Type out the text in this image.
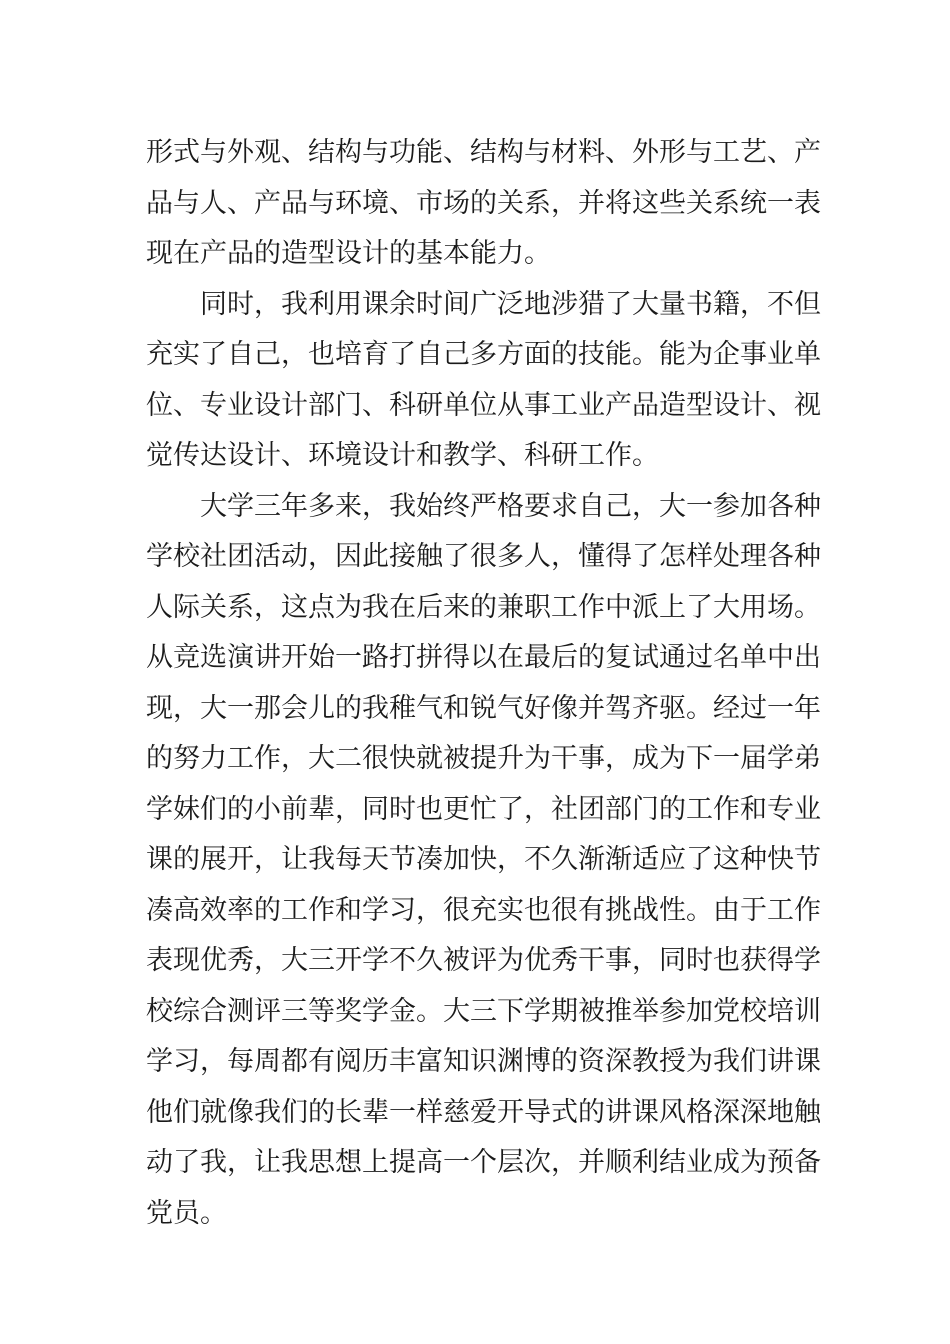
形式与外观、结构与功能、结构与材料、外形与工艺、产
品与人、产品与环境、市场的关系，并将这些关系统一表
现在产品的造型设计的基本能力。
同时，我利用课余时间广泛地涉猎了大量书籍，不但
充实了自己，也培育了自己多方面的技能。能为企事业单
位、专业设计部门、科研单位从事工业产品造型设计、视
觉传达设计、环境设计和教学、科研工作。
大学三年多来，我始终严格要求自己，大一参加各种
学校社团活动，因此接触了很多人，懂得了怎样处理各种
人际关系，这点为我在后来的兼职工作中派上了大用场。
从竞选演讲开始一路打拼得以在最后的复试通过名单中出
现，大一那会儿的我稚气和锐气好像并驾齐驱。经过一年
的努力工作，大二很快就被提升为干事，成为下一届学弟
学妹们的小前辈，同时也更忙了，社团部门的工作和专业
课的展开，让我每天节凑加快，不久渐渐适应了这种快节
凑高效率的工作和学习，很充实也很有挑战性。由于工作
表现优秀，大三开学不久被评为优秀干事，同时也获得学
校综合测评三等奖学金。大三下学期被推举参加党校培训
学习，每周都有阅历丰富知识渊博的资深教授为我们讲课
他们就像我们的长辈一样慈爱开导式的讲课风格深深地触
动了我，让我思想上提高一个层次，并顺利结业成为预备
党员。
